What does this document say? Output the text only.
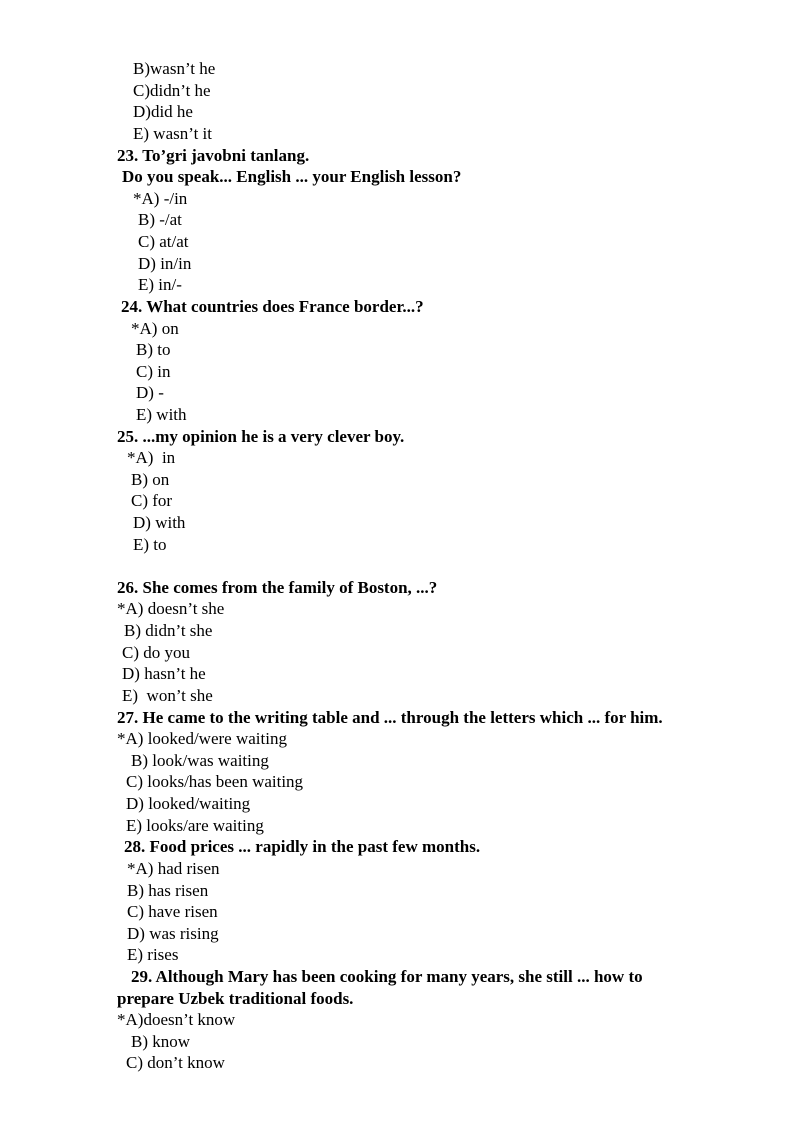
B)wasn’t he
C)didn’t he
D)did he
E) wasn’t it
23. To’gri javobni tanlang.
Do you speak... English ... your English lesson?
*A) -/in
B) -/at
C) at/at
D) in/in
E) in/-
24. What countries does France border...?
*A) on
B) to
C) in
D) -
E) with
25. ...my opinion he is a very clever boy.
*A)  in
B) on
C) for
D) with
E) to
26. She comes from the family of Boston, ...?
*A) doesn’t she
B) didn’t she
C) do you
D) hasn’t he
E)  won’t she
27. He came to the writing table and ... through the letters which ... for him.
*A) looked/were waiting
B) look/was waiting
C) looks/has been waiting
D) looked/waiting
E) looks/are waiting
28. Food prices ... rapidly in the past few months.
*A) had risen
B) has risen
C) have risen
D) was rising
E) rises
29. Although Mary has been cooking for many years, she still ... how to
prepare Uzbek traditional foods.
*A)doesn’t know
B) know
C) don’t know
